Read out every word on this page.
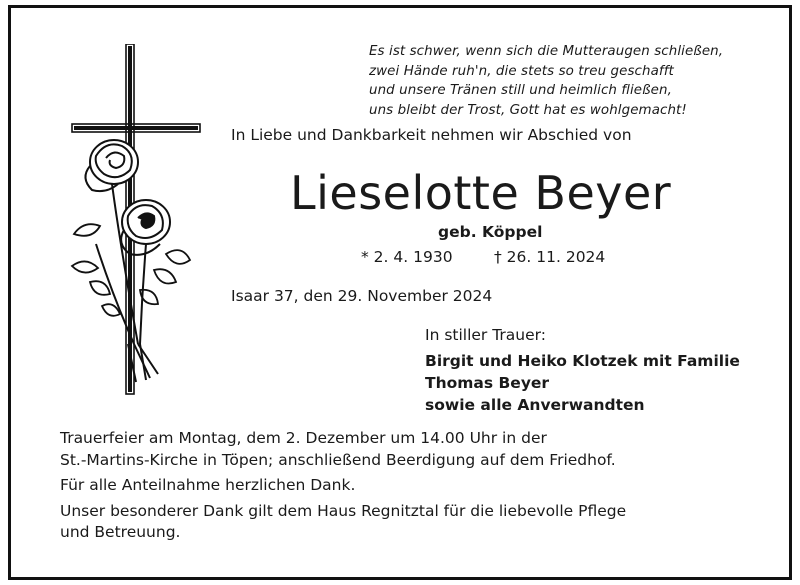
Es ist schwer, wenn sich die Mutteraugen schließen,
zwei Hände ruh'n, die stets so treu geschafft
und unsere Tränen still und heimlich fließen,
uns bleibt der Trost, Gott hat es wohlgemacht!
In Liebe und Dankbarkeit nehmen wir Abschied von
Lieselotte Beyer
geb. Köppel
* 2. 4. 1930	† 26. 11. 2024
Isaar 37, den 29. November 2024
In stiller Trauer:
Birgit und Heiko Klotzek mit Familie
Thomas Beyer
sowie alle Anverwandten
Trauerfeier am Montag, dem 2. Dezember um 14.00 Uhr in der
St.-Martins-Kirche in Töpen; anschließend Beerdigung auf dem Friedhof.
Für alle Anteilnahme herzlichen Dank.
Unser besonderer Dank gilt dem Haus Regnitztal für die liebevolle Pflege
und Betreuung.
